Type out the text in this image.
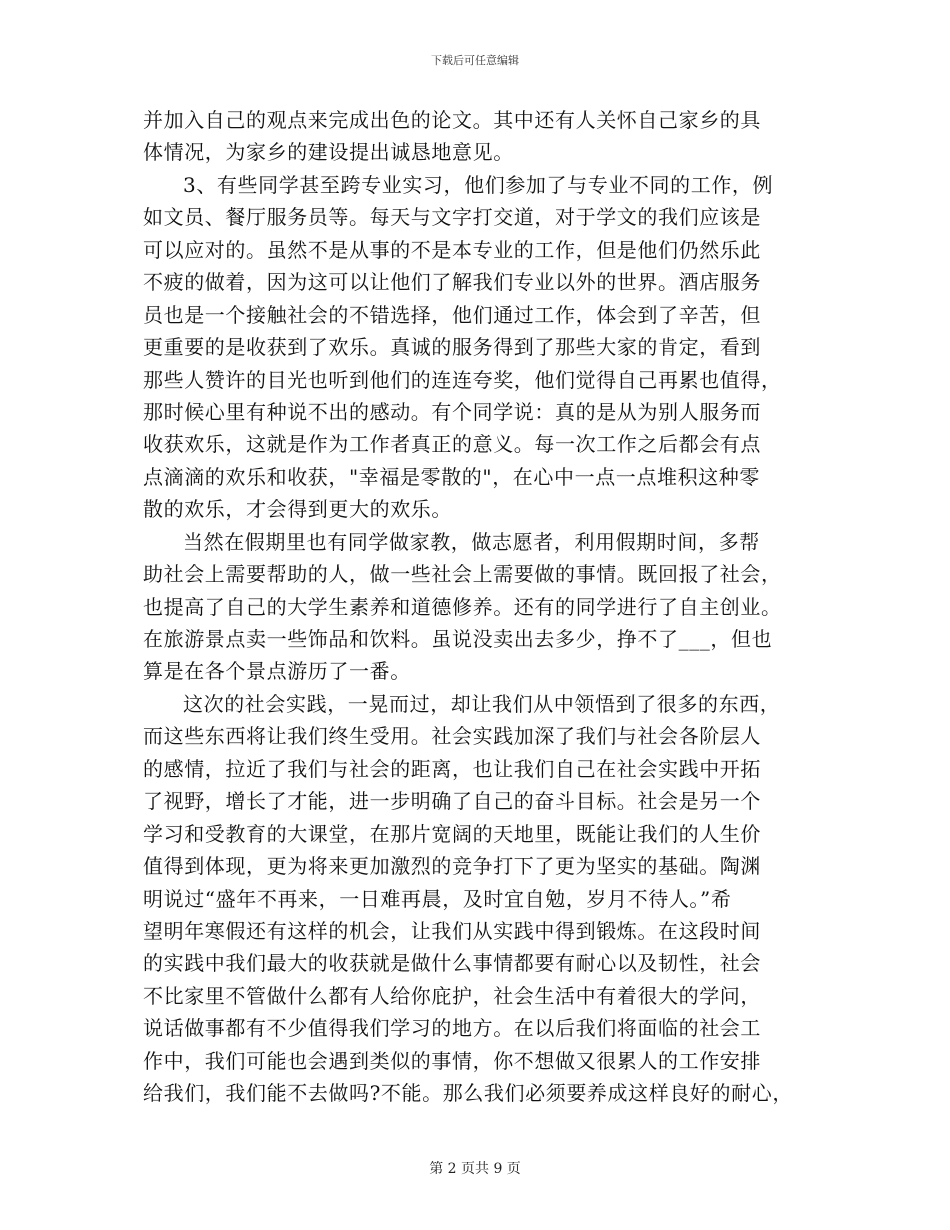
下载后可任意编辑
并加入自己的观点来完成出色的论文。其中还有人关怀自己家乡的具
体情况，为家乡的建设提出诚恳地意见。
3、有些同学甚至跨专业实习，他们参加了与专业不同的工作，例
如文员、餐厅服务员等。每天与文字打交道，对于学文的我们应该是
可以应对的。虽然不是从事的不是本专业的工作，但是他们仍然乐此
不疲的做着，因为这可以让他们了解我们专业以外的世界。酒店服务
员也是一个接触社会的不错选择，他们通过工作，体会到了辛苦，但
更重要的是收获到了欢乐。真诚的服务得到了那些大家的肯定，看到
那些人赞许的目光也听到他们的连连夸奖，他们觉得自己再累也值得，
那时候心里有种说不出的感动。有个同学说：真的是从为别人服务而
收获欢乐，这就是作为工作者真正的意义。每一次工作之后都会有点
点滴滴的欢乐和收获，"幸福是零散的"，在心中一点一点堆积这种零
散的欢乐，才会得到更大的欢乐。
当然在假期里也有同学做家教，做志愿者，利用假期时间，多帮
助社会上需要帮助的人，做一些社会上需要做的事情。既回报了社会，
也提高了自己的大学生素养和道德修养。还有的同学进行了自主创业。
在旅游景点卖一些饰品和饮料。虽说没卖出去多少，挣不了___，但也
算是在各个景点游历了一番。
这次的社会实践，一晃而过，却让我们从中领悟到了很多的东西，
而这些东西将让我们终生受用。社会实践加深了我们与社会各阶层人
的感情，拉近了我们与社会的距离，也让我们自己在社会实践中开拓
了视野，增长了才能，进一步明确了自己的奋斗目标。社会是另一个
学习和受教育的大课堂，在那片宽阔的天地里，既能让我们的人生价
值得到体现，更为将来更加激烈的竞争打下了更为坚实的基础。陶渊
明说过“盛年不再来，一日难再晨，及时宜自勉，岁月不待人。”希
望明年寒假还有这样的机会，让我们从实践中得到锻炼。在这段时间
的实践中我们最大的收获就是做什么事情都要有耐心以及韧性，社会
不比家里不管做什么都有人给你庇护，社会生活中有着很大的学问，
说话做事都有不少值得我们学习的地方。在以后我们将面临的社会工
作中，我们可能也会遇到类似的事情，你不想做又很累人的工作安排
给我们，我们能不去做吗?不能。那么我们必须要养成这样良好的耐心，
第 2 页共 9 页
